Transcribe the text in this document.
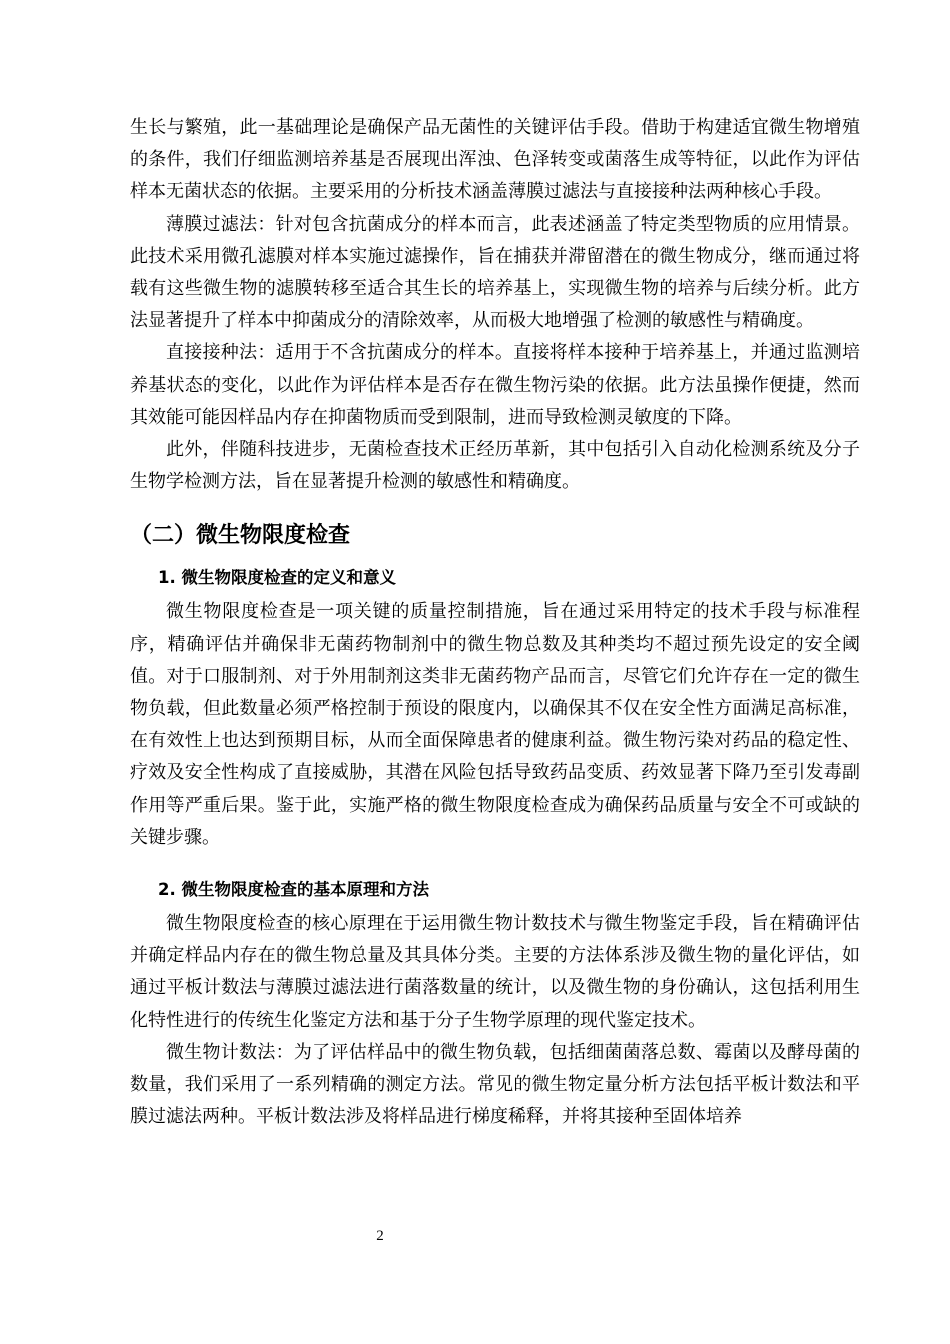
生长与繁殖，此一基础理论是确保产品无菌性的关键评估手段。借助于构建适宜微生物增殖的条件，我们仔细监测培养基是否展现出浑浊、色泽转变或菌落生成等特征，以此作为评估样本无菌状态的依据。主要采用的分析技术涵盖薄膜过滤法与直接接种法两种核心手段。

薄膜过滤法：针对包含抗菌成分的样本而言，此表述涵盖了特定类型物质的应用情景。此技术采用微孔滤膜对样本实施过滤操作，旨在捕获并滞留潜在的微生物成分，继而通过将载有这些微生物的滤膜转移至适合其生长的培养基上，实现微生物的培养与后续分析。此方法显著提升了样本中抑菌成分的清除效率，从而极大地增强了检测的敏感性与精确度。

直接接种法：适用于不含抗菌成分的样本。直接将样本接种于培养基上，并通过监测培养基状态的变化，以此作为评估样本是否存在微生物污染的依据。此方法虽操作便捷，然而其效能可能因样品内存在抑菌物质而受到限制，进而导致检测灵敏度的下降。

此外，伴随科技进步，无菌检查技术正经历革新，其中包括引入自动化检测系统及分子生物学检测方法，旨在显著提升检测的敏感性和精确度。

（二）微生物限度检查
1. 微生物限度检查的定义和意义

微生物限度检查是一项关键的质量控制措施，旨在通过采用特定的技术手段与标准程序，精确评估并确保非无菌药物制剂中的微生物总数及其种类均不超过预先设定的安全阈值。对于口服制剂、对于外用制剂这类非无菌药物产品而言，尽管它们允许存在一定的微生物负载，但此数量必须严格控制于预设的限度内，以确保其不仅在安全性方面满足高标准，在有效性上也达到预期目标，从而全面保障患者的健康利益。微生物污染对药品的稳定性、疗效及安全性构成了直接威胁，其潜在风险包括导致药品变质、药效显著下降乃至引发毒副作用等严重后果。鉴于此，实施严格的微生物限度检查成为确保药品质量与安全不可或缺的关键步骤。

2. 微生物限度检查的基本原理和方法

微生物限度检查的核心原理在于运用微生物计数技术与微生物鉴定手段，旨在精确评估并确定样品内存在的微生物总量及其具体分类。主要的方法体系涉及微生物的量化评估，如通过平板计数法与薄膜过滤法进行菌落数量的统计，以及微生物的身份确认，这包括利用生化特性进行的传统生化鉴定方法和基于分子生物学原理的现代鉴定技术。

微生物计数法：为了评估样品中的微生物负载，包括细菌菌落总数、霉菌以及酵母菌的数量，我们采用了一系列精确的测定方法。常见的微生物定量分析方法包括平板计数法和平膜过滤法两种。平板计数法涉及将样品进行梯度稀释，并将其接种至固体培养

2
